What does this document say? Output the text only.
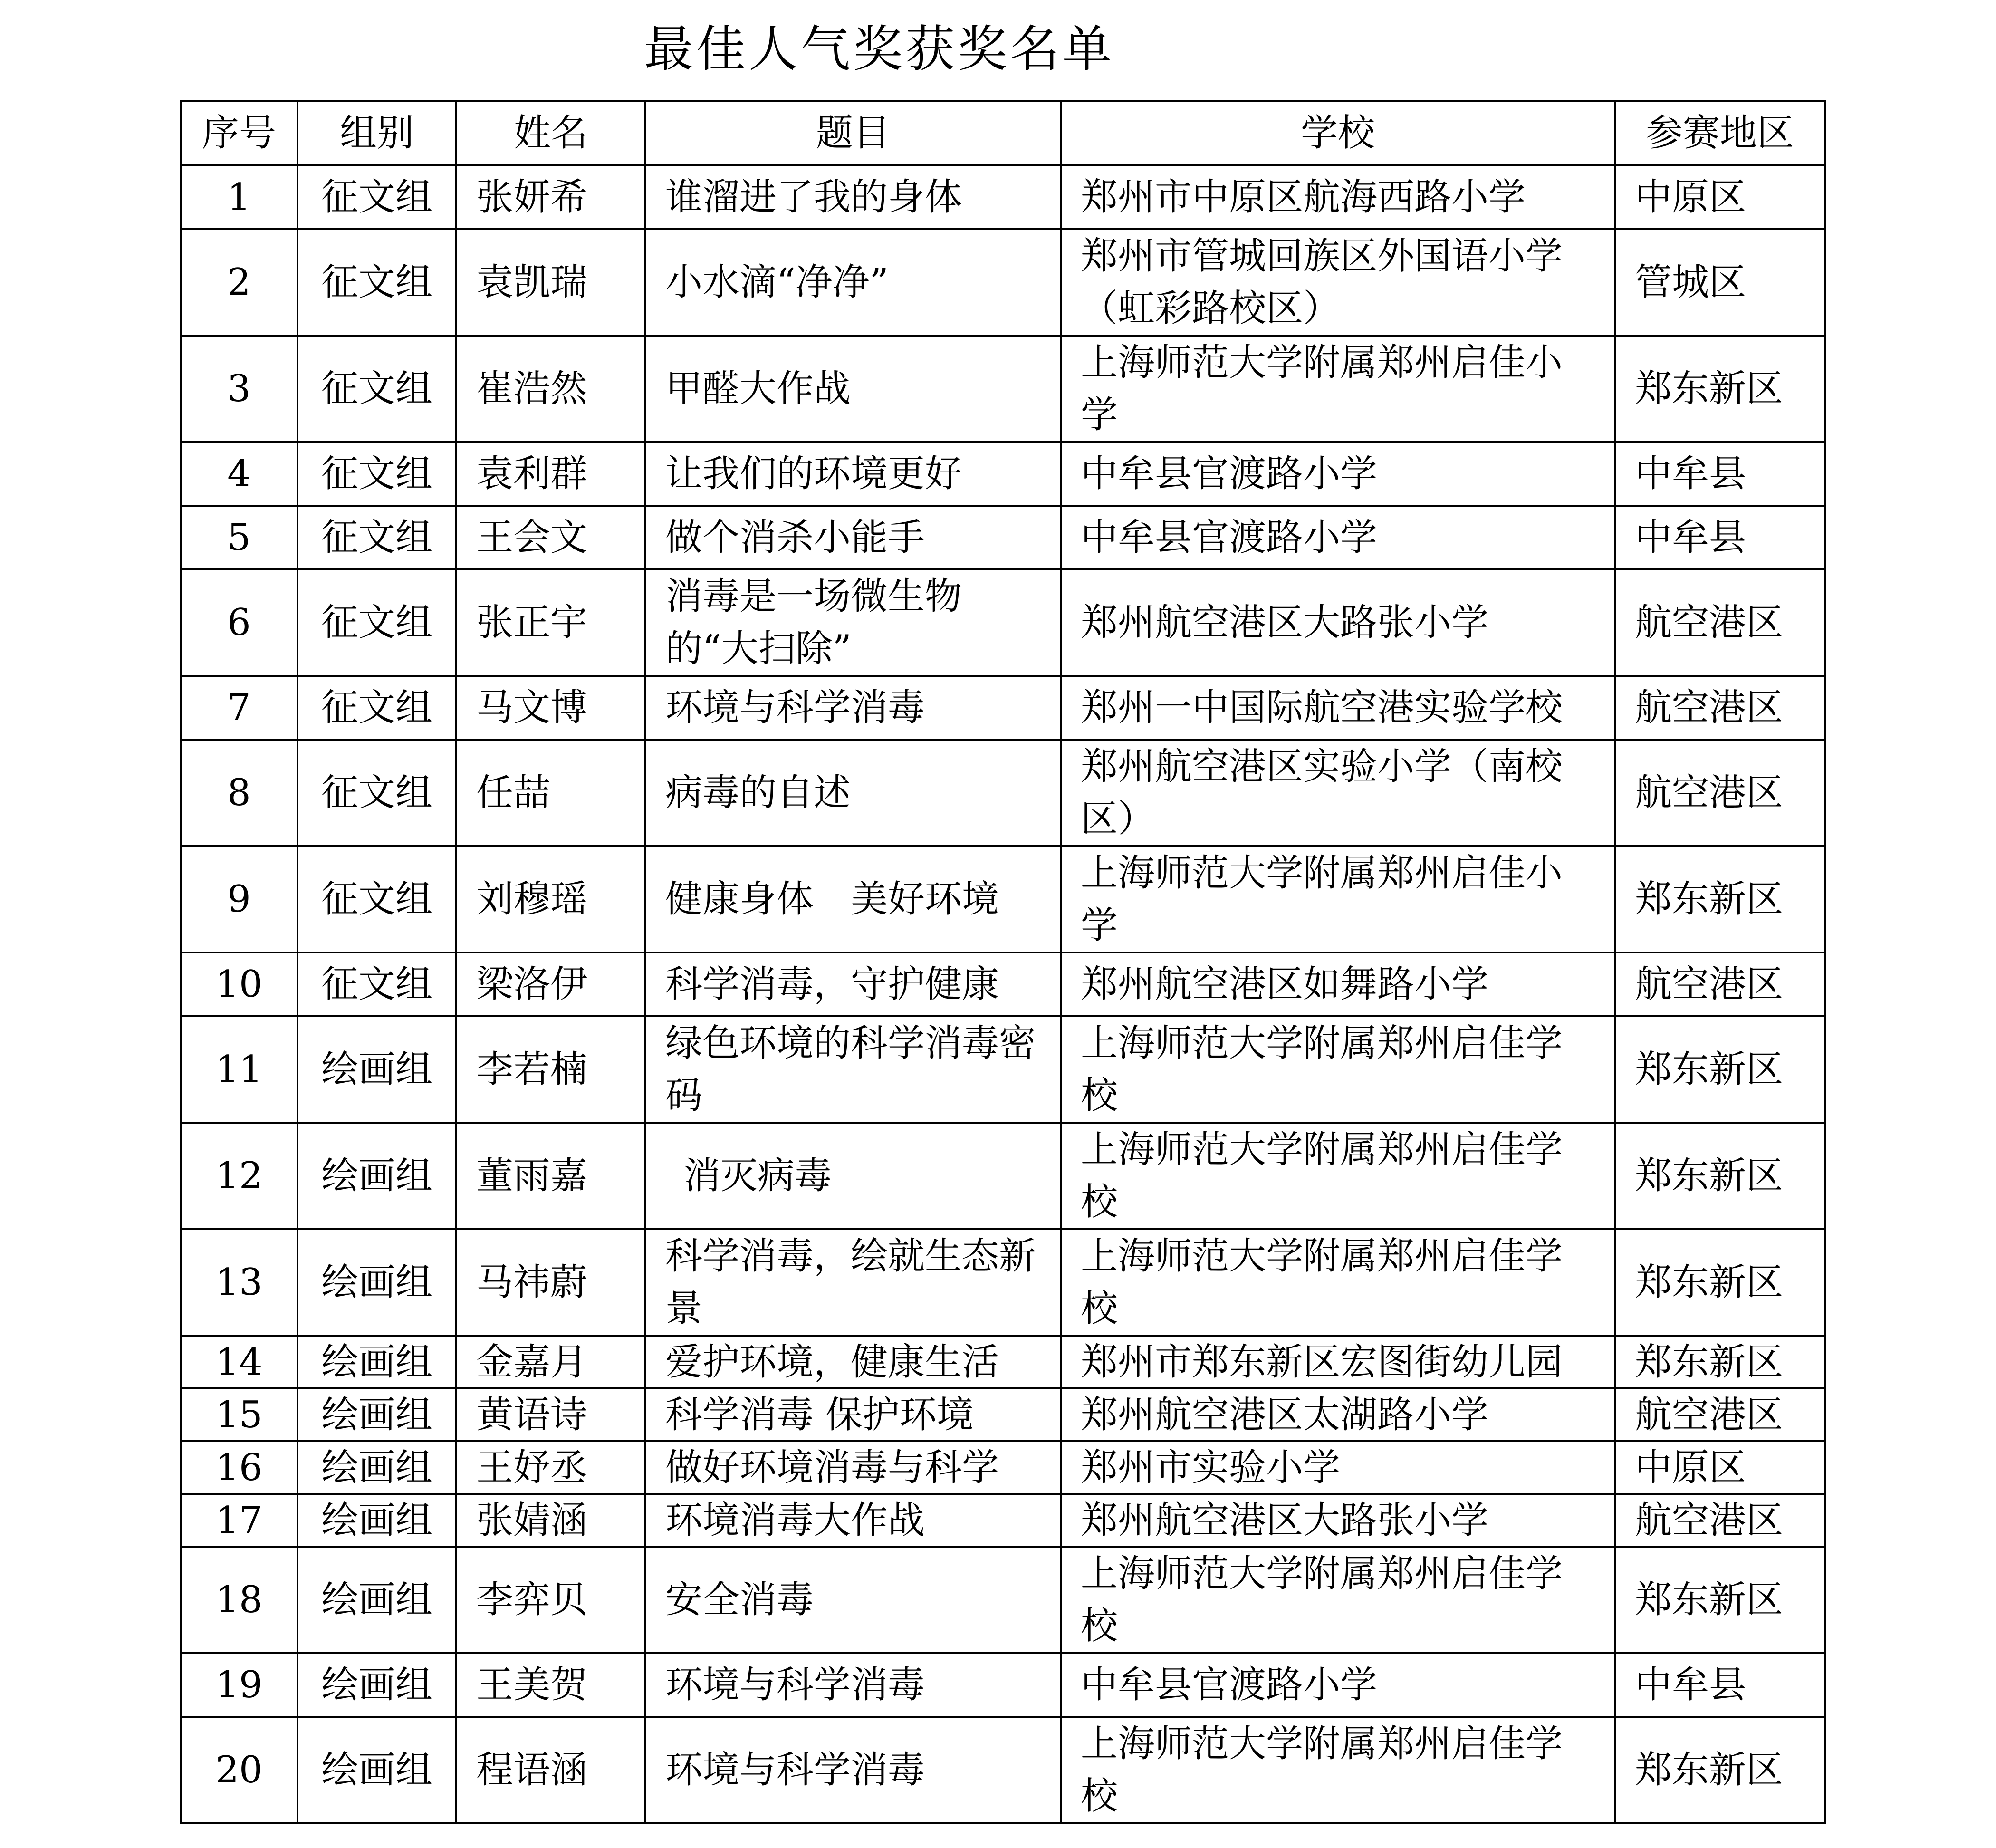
最佳人气奖获奖名单
序号	组别	姓名	题目	学校	参赛地区
1	征文组	张妍希	谁溜进了我的身体	郑州市中原区航海西路小学	中原区
2	征文组	袁凯瑞	小水滴“净净”	郑州市管城回族区外国语小学（虹彩路校区）	管城区
3	征文组	崔浩然	甲醛大作战	上海师范大学附属郑州启佳小学	郑东新区
4	征文组	袁利群	让我们的环境更好	中牟县官渡路小学	中牟县
5	征文组	王会文	做个消杀小能手	中牟县官渡路小学	中牟县
6	征文组	张正宇	消毒是一场微生物的“大扫除”	郑州航空港区大路张小学	航空港区
7	征文组	马文博	环境与科学消毒	郑州一中国际航空港实验学校	航空港区
8	征文组	任喆	病毒的自述	郑州航空港区实验小学（南校区）	航空港区
9	征文组	刘穆瑶	健康身体　美好环境	上海师范大学附属郑州启佳小学	郑东新区
10	征文组	梁洛伊	科学消毒，守护健康	郑州航空港区如舞路小学	航空港区
11	绘画组	李若楠	绿色环境的科学消毒密码	上海师范大学附属郑州启佳学校	郑东新区
12	绘画组	董雨嘉	消灭病毒	上海师范大学附属郑州启佳学校	郑东新区
13	绘画组	马祎蔚	科学消毒，绘就生态新景	上海师范大学附属郑州启佳学校	郑东新区
14	绘画组	金嘉月	爱护环境，健康生活	郑州市郑东新区宏图街幼儿园	郑东新区
15	绘画组	黄语诗	科学消毒 保护环境	郑州航空港区太湖路小学	航空港区
16	绘画组	王妤丞	做好环境消毒与科学	郑州市实验小学	中原区
17	绘画组	张婧涵	环境消毒大作战	郑州航空港区大路张小学	航空港区
18	绘画组	李弈贝	安全消毒	上海师范大学附属郑州启佳学校	郑东新区
19	绘画组	王美贺	环境与科学消毒	中牟县官渡路小学	中牟县
20	绘画组	程语涵	环境与科学消毒	上海师范大学附属郑州启佳学校	郑东新区
